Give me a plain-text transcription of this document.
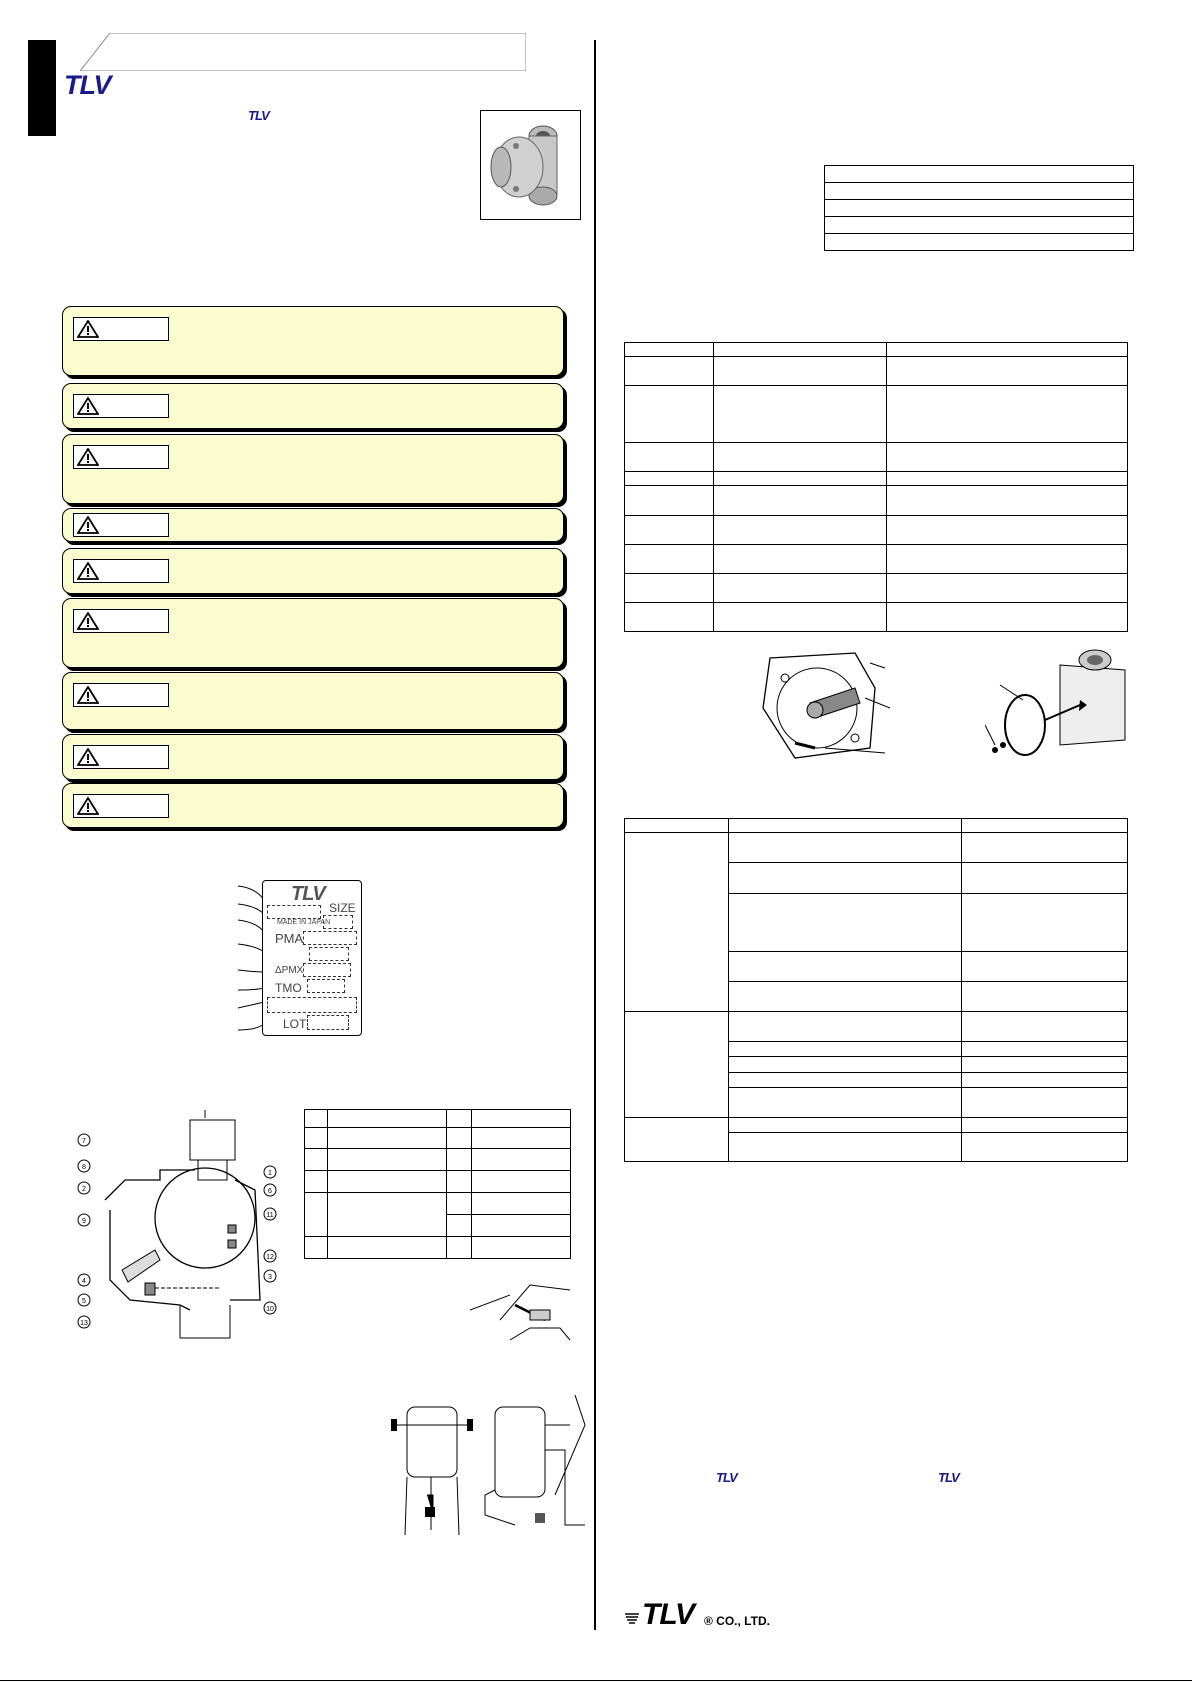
TLV
TLV
TLV
SIZE
MADE IN JAPAN
PMA
ΔPMX
TMO
LOT
7
8
2
9
4
5
13
1
6
11
12
3
10

TLV	TLV
TLV ® CO., LTD.
